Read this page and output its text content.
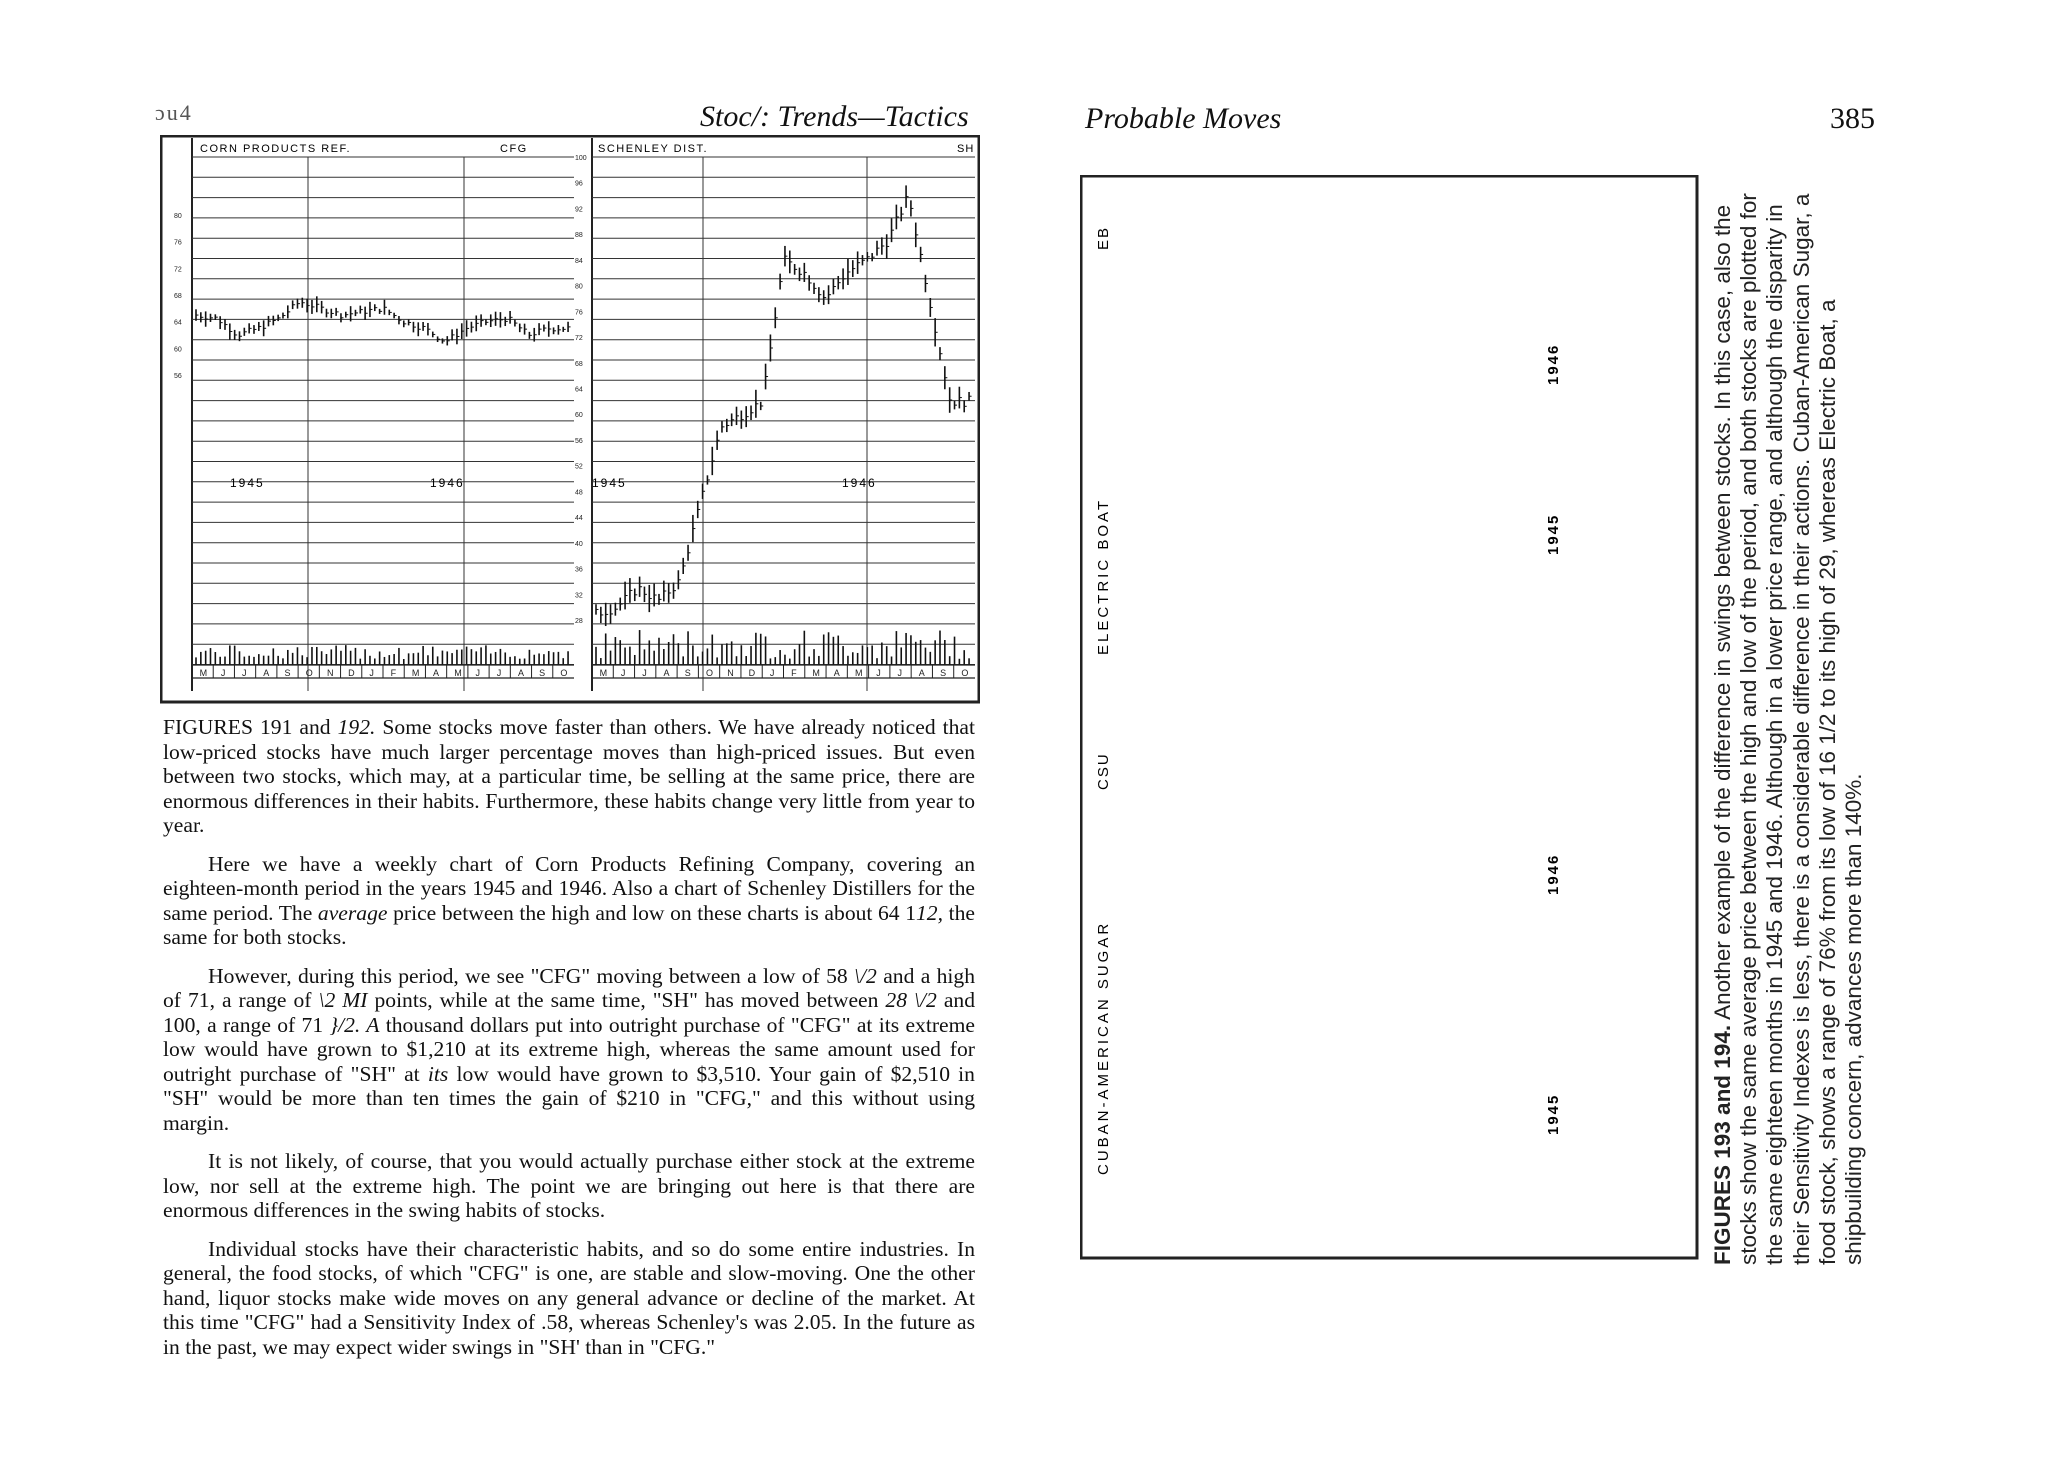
ɔu4	Stoc/: Trends—Tactics	Probable Moves	385
CORN PRODUCTS REF.	CFG
80
76
72
68
64
60
56
1945	1946
M J J A S O N D J F M A M J J A S O
SCHENLEY DIST.	SH
100
96
92
88
84
80
76
72
68
64
60
56
52
48
44
40
36
32
28
1945	1946
M J J A S O N D J F M A M J J A S O
EB
ELECTRIC BOAT
CSU
CUBAN-AMERICAN SUGAR
1946
1945
1946
1945

FIGURES 191 and 192. Some stocks move faster than others. We have already noticed that low-priced stocks have much larger percentage moves than high-priced issues. But even between two stocks, which may, at a particular time, be selling at the same price, there are enormous differences in their habits. Furthermore, these habits change very little from year to year.

Here we have a weekly chart of Corn Products Refining Company, covering an eighteen-month period in the years 1945 and 1946. Also a chart of Schenley Distillers for the same period. The average price between the high and low on these charts is about 64 112, the same for both stocks.

However, during this period, we see "CFG" moving between a low of 58 \/2 and a high of 71, a range of \2 MI points, while at the same time, "SH" has moved between 28 \/2 and 100, a range of 71 }/2. A thousand dollars put into outright purchase of "CFG" at its extreme low would have grown to $1,210 at its extreme high, whereas the same amount used for outright purchase of "SH" at its low would have grown to $3,510. Your gain of $2,510 in "SH" would be more than ten times the gain of $210 in "CFG," and this without using margin.

It is not likely, of course, that you would actually purchase either stock at the extreme low, nor sell at the extreme high. The point we are bringing out here is that there are enormous differences in the swing habits of stocks.

Individual stocks have their characteristic habits, and so do some entire industries. In general, the food stocks, of which "CFG" is one, are stable and slow-moving. One the other hand, liquor stocks make wide moves on any general advance or decline of the market. At this time "CFG" had a Sensitivity Index of .58, whereas Schenley's was 2.05. In the future as in the past, we may expect wider swings in "SH' than in "CFG."

FIGURES 193 and 194. Another example of the difference in swings between stocks. In this case, also the stocks show the same average price between the high and low of the period, and both stocks are plotted for the same eighteen months in 1945 and 1946. Although in a lower price range, and although the disparity in their Sensitivity Indexes is less, there is a considerable difference in their actions. Cuban-American Sugar, a food stock, shows a range of 76% from its low of 16 1/2 to its high of 29, whereas Electric Boat, a shipbuilding concern, advances more than 140%.
